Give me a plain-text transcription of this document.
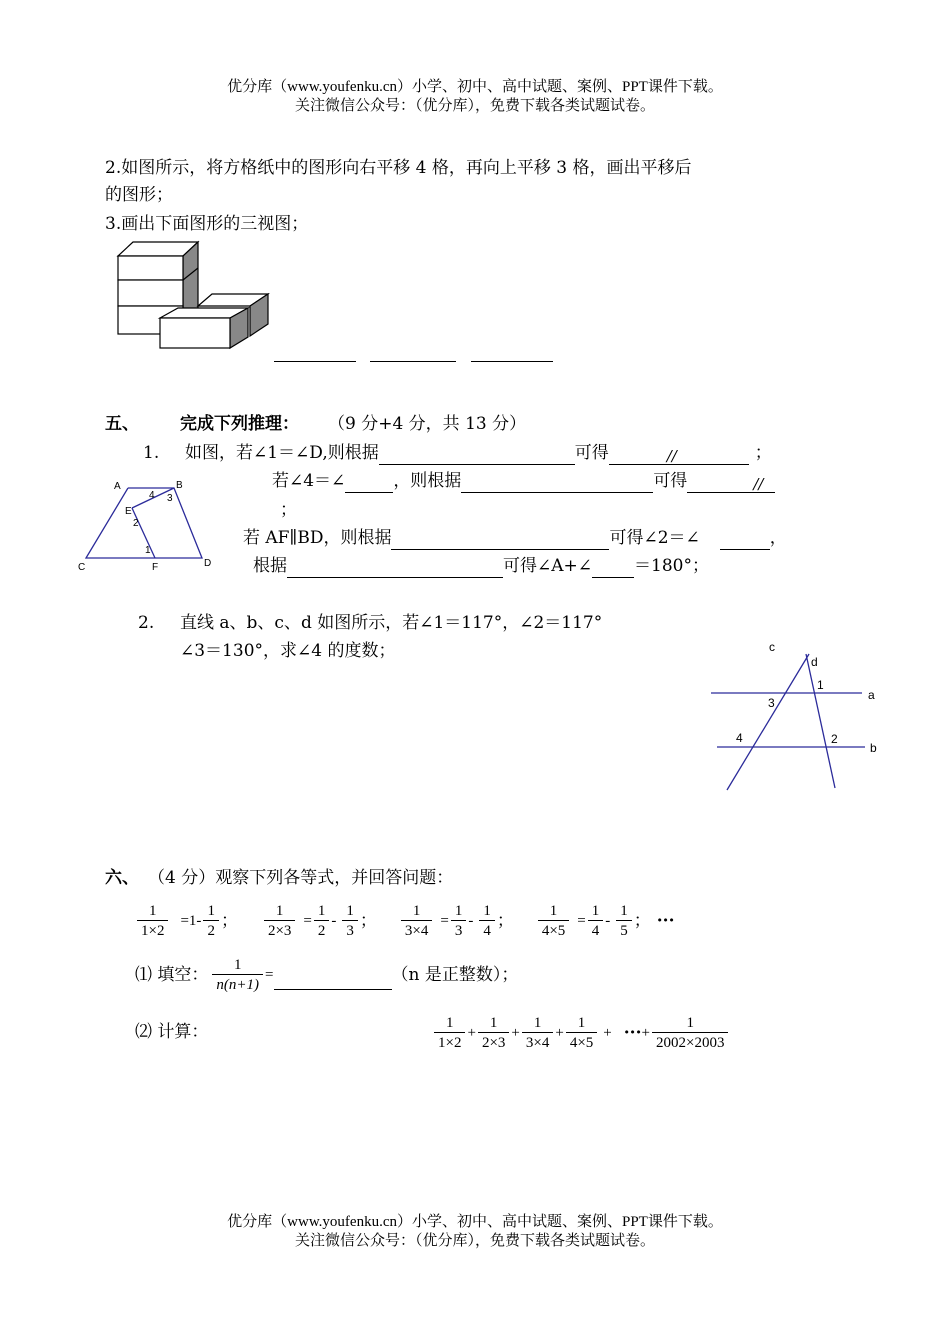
优分库（www.youfenku.cn）小学、初中、高中试题、案例、PPT课件下载。
关注微信公众号：（优分库），免费下载各类试题试卷。
2.如图所示，将方格纸中的图形向右平移 4 格，再向上平移 3 格，画出平移后
的图形；
3.画出下面图形的三视图；
五、 完成下列推理： （9 分+4 分，共 13 分）
1. 如图，若∠1＝∠D,则根据	可得	//	；
若∠4＝∠	，则根据	可得	//
；
若 AF∥BD，则根据	可得∠2＝∠	，
根据	可得∠A+∠ ＝180°；
A	B
C	D
E
F
1
2
3
4
2. 直线 a、b、c、d 如图所示，若∠1＝117°，∠2＝117°
∠3＝130°，求∠4 的度数；
a
b
c
d
1
2
3
4
六、 （4 分）观察下列各等式，并回答问题：
$\frac{1}{1\times 2} =1- \frac{1}{2}$ ； $\frac{1}{2\times 3} = \frac{1}{2} - \frac{1}{3}$ ； $\frac{1}{3\times 4} = \frac{1}{3} - \frac{1}{4}$ ； $\frac{1}{4\times 5} = \frac{1}{4} - \frac{1}{5}$ ； ···
⑴ 填空： $\frac{1}{n(n+1)}$ =	（n 是正整数）；
⑵ 计算：	$\frac{1}{1\times 2} + \frac{1}{2\times 3} + \frac{1}{3\times 4} + \frac{1}{4\times 5}$ + ··· + $\frac{1}{2002\times 2003}$
优分库（www.youfenku.cn）小学、初中、高中试题、案例、PPT课件下载。
关注微信公众号：（优分库），免费下载各类试题试卷。
